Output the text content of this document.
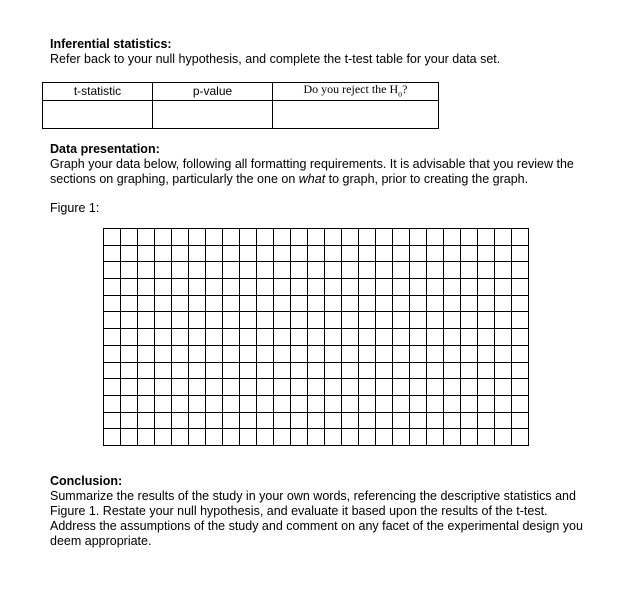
Inferential statistics:
Refer back to your null hypothesis, and complete the t-test table for your data set.
t-statistic	p-value	Do you reject the $H_o$?

Data presentation:
Graph your data below, following all formatting requirements. It is advisable that you review the sections on graphing, particularly the one on what to graph, prior to creating the graph.
Figure 1:
Conclusion:
Summarize the results of the study in your own words, referencing the descriptive statistics and Figure 1. Restate your null hypothesis, and evaluate it based upon the results of the t-test. Address the assumptions of the study and comment on any facet of the experimental design you deem appropriate.
